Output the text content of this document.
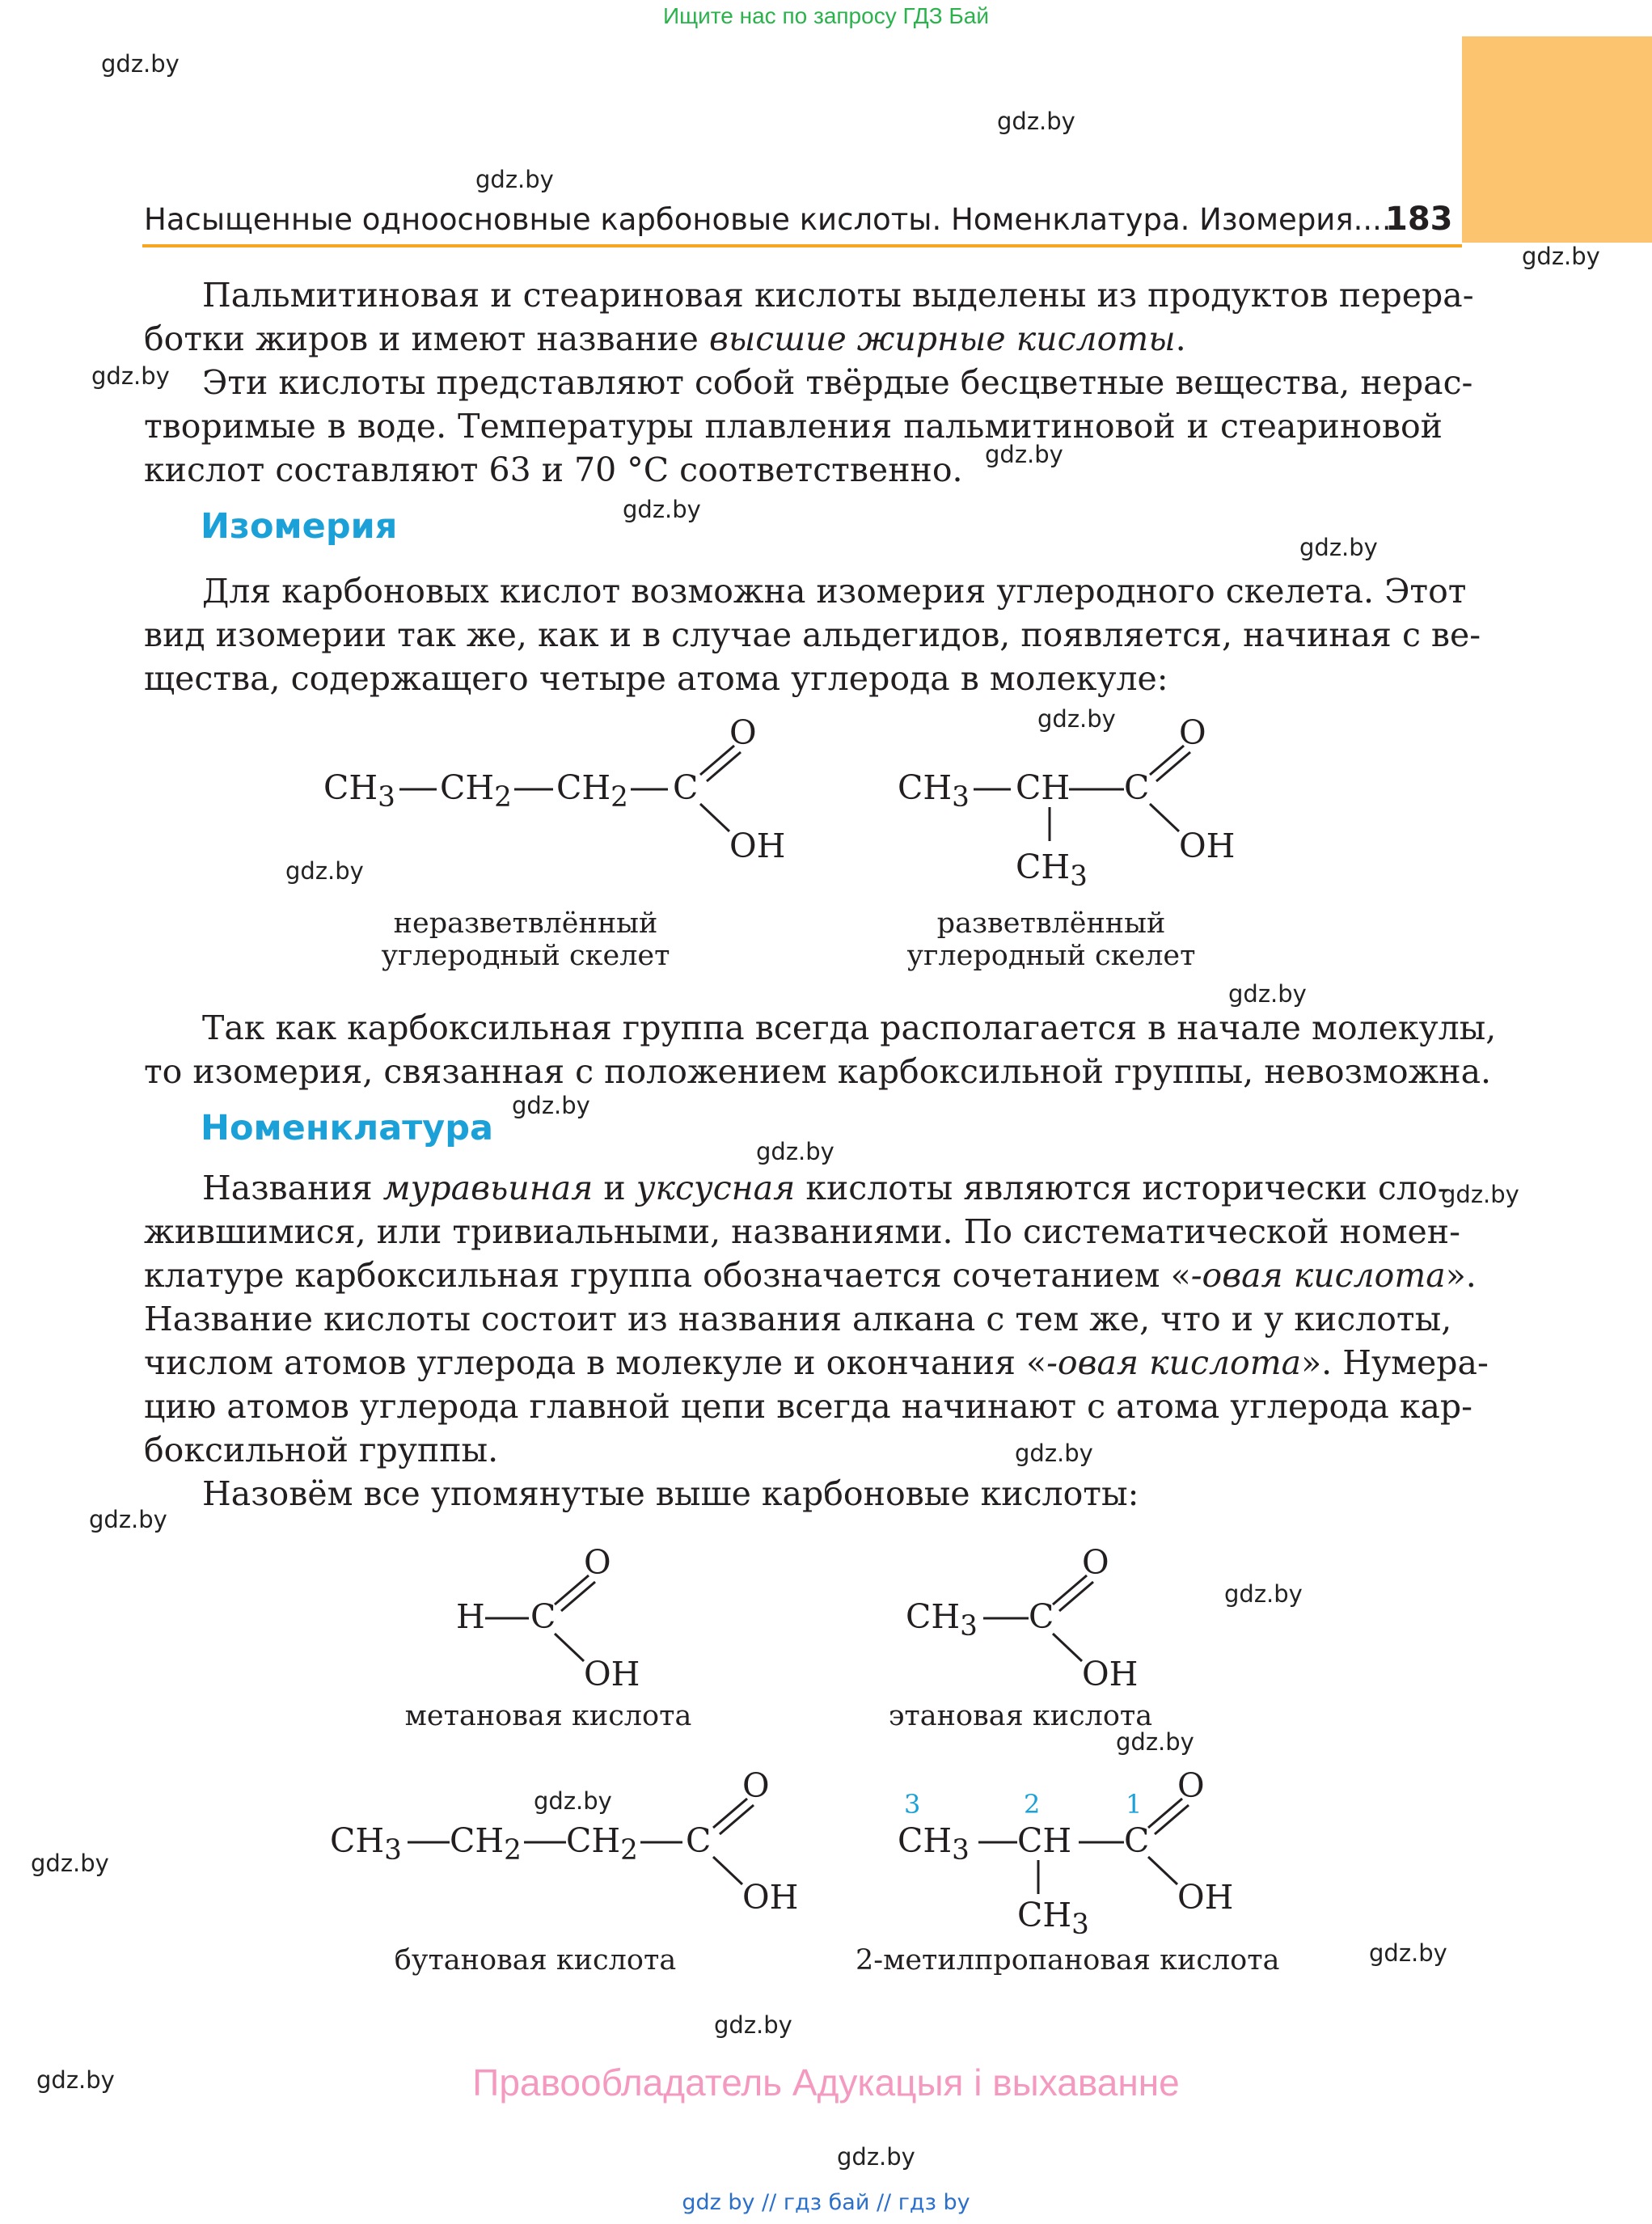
Ищите нас по запросу ГДЗ Бай
gdz.by
gdz.by
gdz.by
gdz.by
gdz.by
gdz.by
gdz.by
gdz.by
gdz.by
gdz.by
gdz.by
gdz.by
gdz.by
gdz.by
gdz.by
gdz.by
gdz.by
gdz.by
gdz.by
gdz.by
gdz.by
gdz.by
gdz.by
gdz.by
Насыщенные одноосновные карбоновые кислоты. Номенклатура. Изомерия....
183
Пальмитиновая и стеариновая кислоты выделены из продуктов перера-
ботки жиров и имеют название высшие жирные кислоты.
Эти кислоты представляют собой твёрдые бесцветные вещества, нерас-
творимые в воде. Температуры плавления пальмитиновой и стеариновой
кислот составляют 63 и 70 °С соответственно.
Изомерия
Для карбоновых кислот возможна изомерия углеродного скелета. Этот
вид изомерии так же, как и в случае альдегидов, появляется, начиная с ве-
щества, содержащего четыре атома углерода в молекуле:
$CH_3$ $CH_2$ $CH_2$ C
O
OH
неразветвлённый
углеродный скелет
$CH_3$ CH C
O
OH
$CH_3$
разветвлённый
углеродный скелет
Так как карбоксильная группа всегда располагается в начале молекулы,
то изомерия, связанная с положением карбоксильной группы, невозможна.
Номенклатура
Названия муравьиная и уксусная кислоты являются исторически сло-
жившимися, или тривиальными, названиями. По систематической номен-
клатуре карбоксильная группа обозначается сочетанием «-овая кислота».
Название кислоты состоит из названия алкана с тем же, что и у кислоты,
числом атомов углерода в молекуле и окончания «-овая кислота». Нумера-
цию атомов углерода главной цепи всегда начинают с атома углерода кар-
боксильной группы.
Назовём все упомянутые выше карбоновые кислоты:
H C
O
OH
метановая кислота
$CH_3$ C
O
OH
этановая кислота
$CH_3$ $CH_2$ $CH_2$ C
O
OH
бутановая кислота
3	2	1
$CH_3$ CH C
O
OH
$CH_3$
2-метилпропановая кислота
Правообладатель Адукацыя і выхаванне
gdz by // гдз бай // гдз by
